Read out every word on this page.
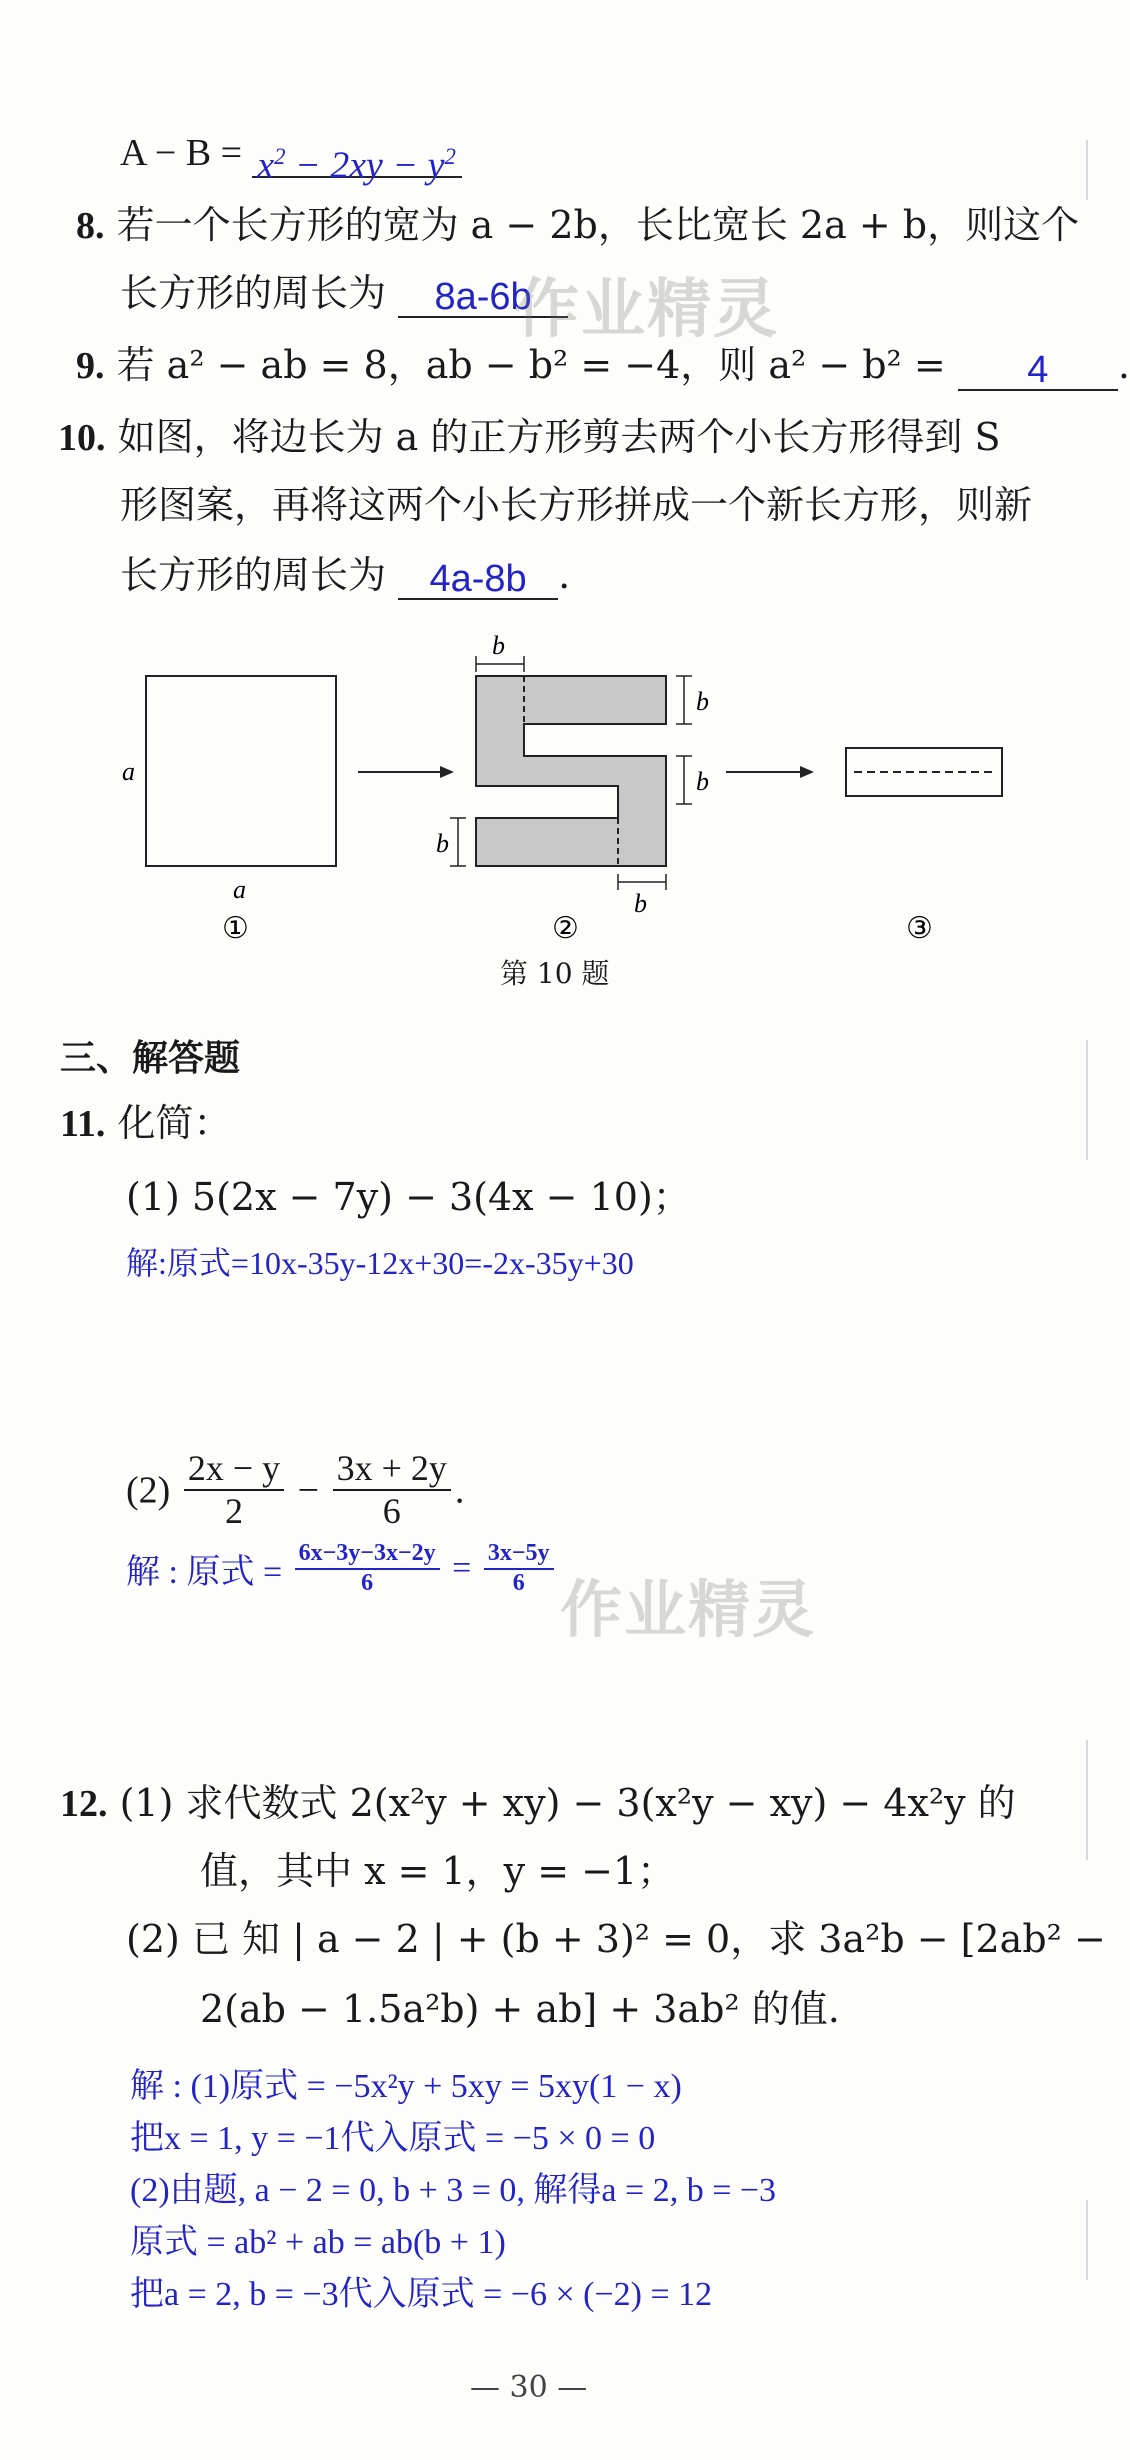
$A - B = x^2 - 2xy - y^2$
8. 若一个长方形的宽为 a − 2b，长比宽长 2a + b，则这个
长方形的周长为 8a-6b
作业精灵
9. 若 a² − ab = 8，ab − b² = −4，则 a² − b² = 4 .
10. 如图，将边长为 a 的正方形剪去两个小长方形得到 S
形图案，再将这两个小长方形拼成一个新长方形，则新
长方形的周长为 4a-8b .
a
a
①
b
b
b
b
b
②	③
第 10 题
三、解答题
11. 化简：
(1) 5(2x − 7y) − 3(4x − 10)；
解:原式=10x-35y-12x+30=-2x-35y+30
$(2) \frac{2x - y}{2} - \frac{3x + 2y}{6}$ .
解 : 原式 = $\frac{6x-3y-3x-2y}{6} = \frac{3x-5y}{6}$
作业精灵
12. (1) 求代数式 2(x²y + xy) − 3(x²y − xy) − 4x²y 的
值，其中 x = 1，y = −1；
(2) 已 知 | a − 2 | + (b + 3)² = 0，求 3a²b − [2ab² −
2(ab − 1.5a²b) + ab] + 3ab² 的值.
解 : (1)原式 = −5x²y + 5xy = 5xy(1 − x)
把x = 1, y = −1代入原式 = −5 × 0 = 0
(2)由题, a − 2 = 0, b + 3 = 0, 解得a = 2, b = −3
原式 = ab² + ab = ab(b + 1)
把a = 2, b = −3代入原式 = −6 × (−2) = 12
— 30 —
